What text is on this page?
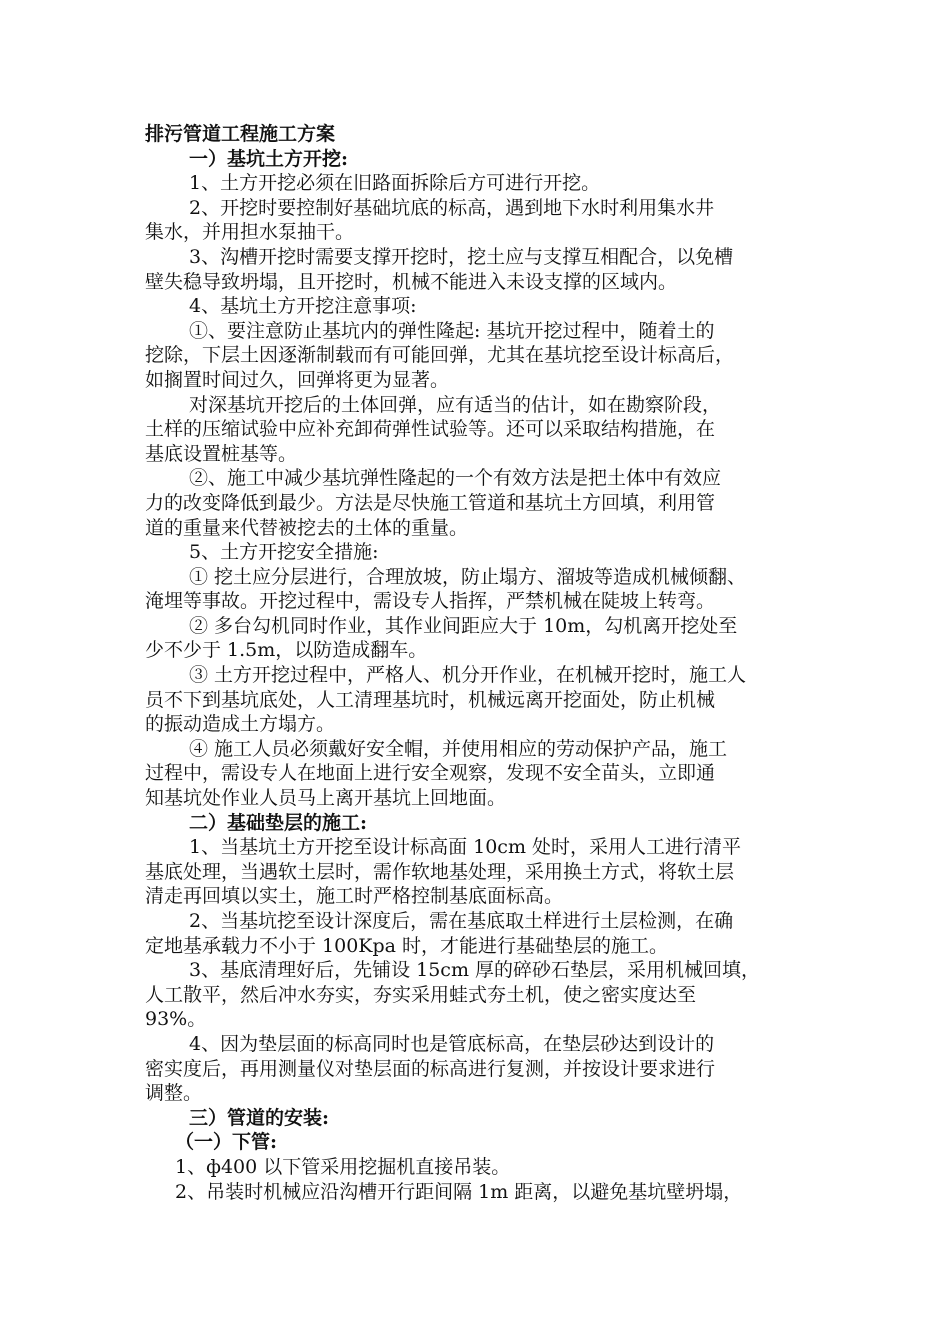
排污管道工程施工方案
一）基坑土方开挖:
1、土方开挖必须在旧路面拆除后方可进行开挖。
2、开挖时要控制好基础坑底的标高，遇到地下水时利用集水井
集水，并用担水泵抽干。
3、沟槽开挖时需要支撑开挖时，挖土应与支撑互相配合，以免槽
壁失稳导致坍塌，且开挖时，机械不能进入未设支撑的区域内。
4、基坑土方开挖注意事项:
①、要注意防止基坑内的弹性隆起: 基坑开挖过程中，随着土的
挖除，下层土因逐渐制载而有可能回弹，尤其在基坑挖至设计标高后，
如搁置时间过久，回弹将更为显著。
对深基坑开挖后的土体回弹，应有适当的估计，如在勘察阶段，
土样的压缩试验中应补充卸荷弹性试验等。还可以采取结构措施，在
基底设置桩基等。
②、施工中减少基坑弹性隆起的一个有效方法是把土体中有效应
力的改变降低到最少。方法是尽快施工管道和基坑土方回填，利用管
道的重量来代替被挖去的土体的重量。
5、土方开挖安全措施:
① 挖土应分层进行，合理放坡，防止塌方、溜坡等造成机械倾翻、
淹埋等事故。开挖过程中，需设专人指挥，严禁机械在陡坡上转弯。
② 多台勾机同时作业，其作业间距应大于 10m，勾机离开挖处至
少不少于 1.5m，以防造成翻车。
③ 土方开挖过程中，严格人、机分开作业，在机械开挖时，施工人
员不下到基坑底处，人工清理基坑时，机械远离开挖面处，防止机械
的振动造成土方塌方。
④ 施工人员必须戴好安全帽，并使用相应的劳动保护产品，施工
过程中，需设专人在地面上进行安全观察，发现不安全苗头，立即通
知基坑处作业人员马上离开基坑上回地面。
二）基础垫层的施工:
1、当基坑土方开挖至设计标高面 10cm 处时，采用人工进行清平
基底处理，当遇软土层时，需作软地基处理，采用换土方式，将软土层
清走再回填以实土，施工时严格控制基底面标高。
2、当基坑挖至设计深度后，需在基底取土样进行土层检测，在确
定地基承载力不小于 100Kpa 时，才能进行基础垫层的施工。
3、基底清理好后，先铺设 15cm 厚的碎砂石垫层，采用机械回填，
人工散平，然后冲水夯实，夯实采用蛙式夯土机，使之密实度达至
93%。
4、因为垫层面的标高同时也是管底标高，在垫层砂达到设计的
密实度后，再用测量仪对垫层面的标高进行复测，并按设计要求进行
调整。
三）管道的安装:
（一）下管:
1、ф400 以下管采用挖掘机直接吊装。
2、吊装时机械应沿沟槽开行距间隔 1m 距离，以避免基坑壁坍塌，
